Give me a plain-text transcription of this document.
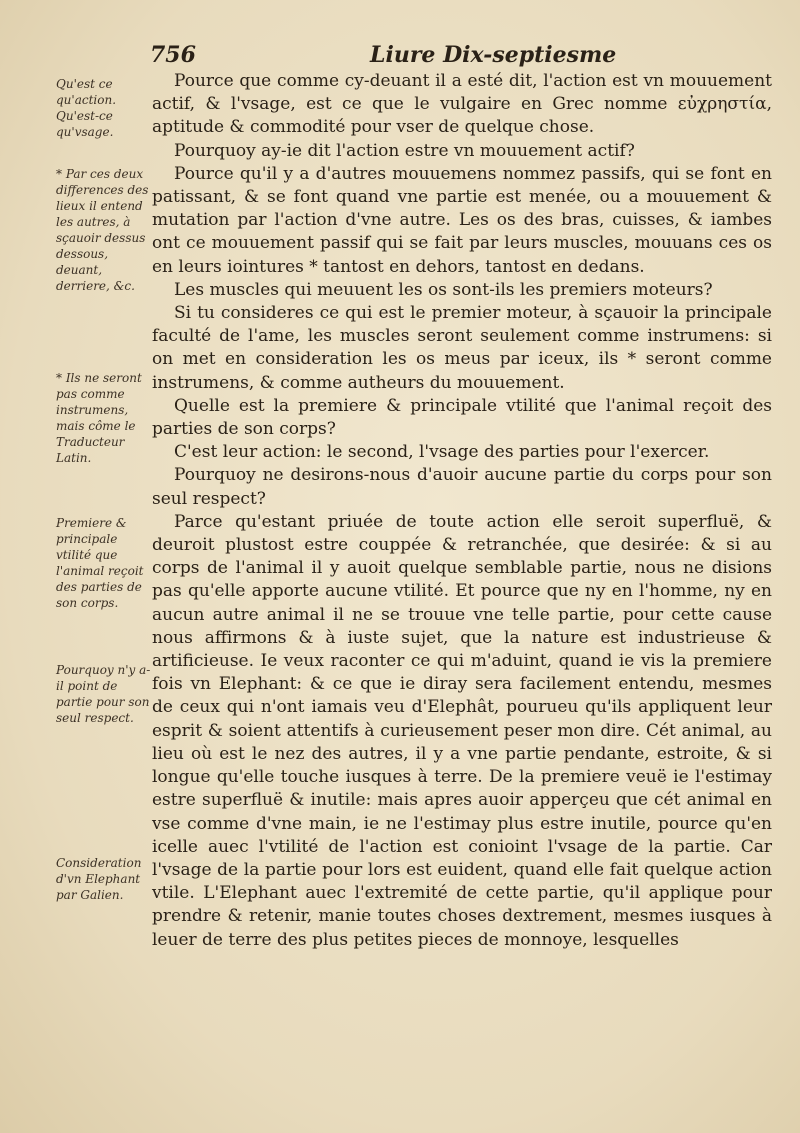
756	Liure Dix-septiesme
Qu'est ce qu'action. Qu'est-ce qu'vsage.
* Par ces deux differences des lieux il entend les autres, à sçauoir dessus dessous, deuant, derriere, &c.
* Ils ne seront pas comme instrumens, mais côme le Traducteur Latin.
Premiere & principale vtilité que l'animal reçoit des parties de son corps.
Pourquoy n'y a-il point de partie pour son seul respect.
Consideration d'vn Elephant par Galien.

Pource que comme cy-deuant il a esté dit, l'action est vn mouuement actif, & l'vsage, est ce que le vulgaire en Grec nomme εὐχρηστία, aptitude & commodité pour vser de quelque chose.

Pourquoy ay-ie dit l'action estre vn mouuement actif?

Pource qu'il y a d'autres mouuemens nommez passifs, qui se font en patissant, & se font quand vne partie est menée, ou a mouuement & mutation par l'action d'vne autre. Les os des bras, cuisses, & iambes ont ce mouuement passif qui se fait par leurs muscles, mouuans ces os en leurs iointures * tantost en dehors, tantost en dedans.

Les muscles qui meuuent les os sont-ils les premiers moteurs?

Si tu consideres ce qui est le premier moteur, à sçauoir la principale faculté de l'ame, les muscles seront seulement comme instrumens: si on met en consideration les os meus par iceux, ils * seront comme instrumens, & comme autheurs du mouuement.

Quelle est la premiere & principale vtilité que l'animal reçoit des parties de son corps?

C'est leur action: le second, l'vsage des parties pour l'exercer.

Pourquoy ne desirons-nous d'auoir aucune partie du corps pour son seul respect?

Parce qu'estant priuée de toute action elle seroit superfluë, & deuroit plustost estre couppée & retranchée, que desirée: & si au corps de l'animal il y auoit quelque semblable partie, nous ne disions pas qu'elle apporte aucune vtilité. Et pource que ny en l'homme, ny en aucun autre animal il ne se trouue vne telle partie, pour cette cause nous affirmons & à iuste sujet, que la nature est industrieuse & artificieuse. Ie veux raconter ce qui m'aduint, quand ie vis la premiere fois vn Elephant: & ce que ie diray sera facilement entendu, mesmes de ceux qui n'ont iamais veu d'Elephât, pourueu qu'ils appliquent leur esprit & soient attentifs à curieusement peser mon dire. Cét animal, au lieu où est le nez des autres, il y a vne partie pendante, estroite, & si longue qu'elle touche iusques à terre. De la premiere veuë ie l'estimay estre superfluë & inutile: mais apres auoir apperçeu que cét animal en vse comme d'vne main, ie ne l'estimay plus estre inutile, pource qu'en icelle auec l'vtilité de l'action est conioint l'vsage de la partie. Car l'vsage de la partie pour lors est euident, quand elle fait quelque action vtile. L'Elephant auec l'extremité de cette partie, qu'il applique pour prendre & retenir, manie toutes choses dextrement, mesmes iusques à leuer de terre des plus petites pieces de monnoye, lesquelles
